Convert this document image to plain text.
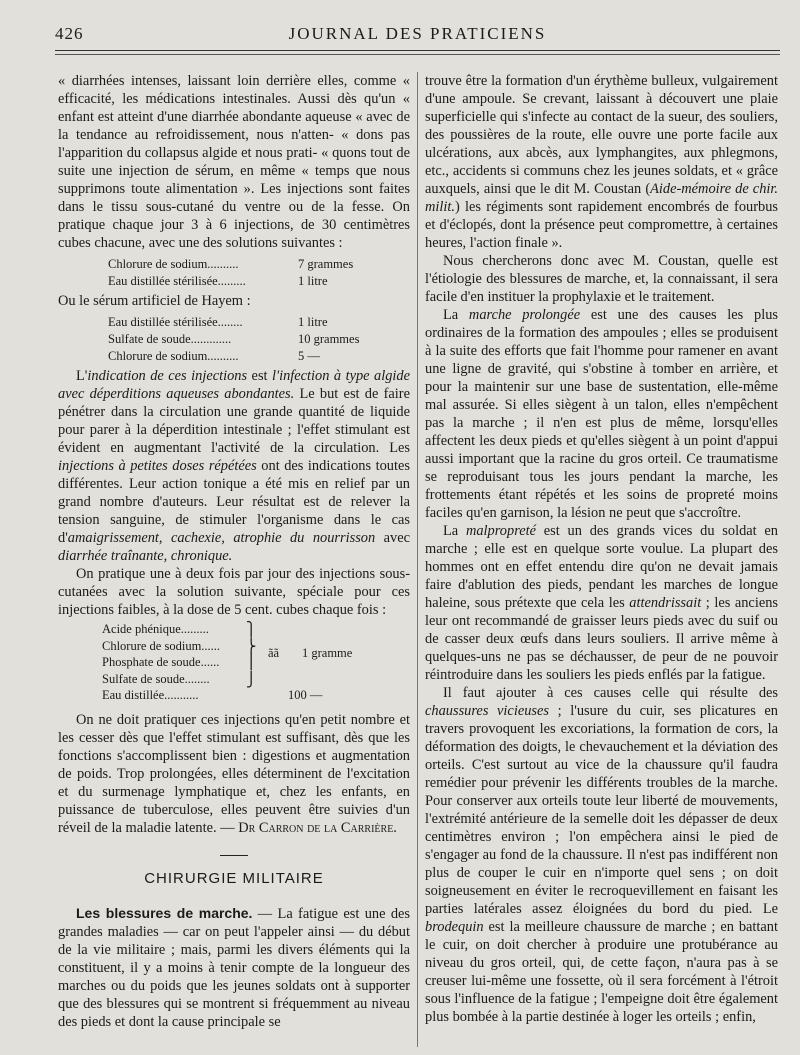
426	JOURNAL DES PRATICIENS

« diarrhées intenses, laissant loin derrière elles, comme « efficacité, les médications intestinales. Aussi dès qu'un « enfant est atteint d'une diarrhée abondante aqueuse « avec de la tendance au refroidissement, nous n'atten- « dons pas l'apparition du collapsus algide et nous prati- « quons tout de suite une injection de sérum, en même « temps que nous supprimons toute alimentation ». Les injections sont faites dans le tissu sous-cutané du ventre ou de la fesse. On pratique chaque jour 3 à 6 injections, de 30 centimètres cubes chacune, avec une des solutions suivantes :

Chlorure de sodium..........	7 grammes
Eau distillée stérilisée.........	1 litre

Ou le sérum artificiel de Hayem :

Eau distillée stérilisée........	1 litre
Sulfate de soude.............	10 grammes
Chlorure de sodium..........	5 —

L'indication de ces injections est l'infection à type algide avec déperditions aqueuses abondantes. Le but est de faire pénétrer dans la circulation une grande quantité de liquide pour parer à la déperdition intestinale ; l'effet stimulant est évident en augmentant l'activité de la circulation. Les injections à petites doses répétées ont des indications toutes différentes. Leur action tonique a été mis en relief par un grand nombre d'auteurs. Leur résultat est de relever la tension sanguine, de stimuler l'organisme dans le cas d'amaigrissement, cachexie, atrophie du nourrisson avec diarrhée traînante, chronique.

On pratique une à deux fois par jour des injections sous-cutanées avec la solution suivante, spéciale pour ces injections faibles, à la dose de 5 cent. cubes chaque fois :

Acide phénique.........
Chlorure de sodium......
Phosphate de soude......
Sulfate de soude........
⎫
⎬
⎪
⎭
ãã 1 gramme
Eau distillée...........	100 —

On ne doit pratiquer ces injections qu'en petit nombre et les cesser dès que l'effet stimulant est suffisant, dès que les fonctions s'accomplissent bien : digestions et augmentation de poids. Trop prolongées, elles déterminent de l'excitation et du surmenage lymphatique et, chez les enfants, en puissance de tuberculose, elles peuvent être suivies d'un réveil de la maladie latente. — Dr Carron de la Carrière.

CHIRURGIE MILITAIRE

Les blessures de marche. — La fatigue est une des grandes maladies — car on peut l'appeler ainsi — du début de la vie militaire ; mais, parmi les divers éléments qui la constituent, il y a moins à tenir compte de la longueur des marches ou du poids que les jeunes soldats ont à supporter que des blessures qui se montrent si fréquemment au niveau des pieds et dont la cause principale se

trouve être la formation d'un érythème bulleux, vulgairement d'une ampoule. Se crevant, laissant à découvert une plaie superficielle qui s'infecte au contact de la sueur, des souliers, des poussières de la route, elle ouvre une porte facile aux ulcérations, aux abcès, aux lymphangites, aux phlegmons, etc., accidents si communs chez les jeunes soldats, et « grâce auxquels, ainsi que le dit M. Coustan (Aide-mémoire de chir. milit.) les régiments sont rapidement encombrés de fourbus et d'éclopés, dont la présence peut compromettre, à certaines heures, l'action finale ».

Nous chercherons donc avec M. Coustan, quelle est l'étiologie des blessures de marche, et, la connaissant, il sera facile d'en instituer la prophylaxie et le traitement.

La marche prolongée est une des causes les plus ordinaires de la formation des ampoules ; elles se produisent à la suite des efforts que fait l'homme pour ramener en avant une ligne de gravité, qui s'obstine à tomber en arrière, et pour la maintenir sur une base de sustentation, elle-même mal assurée. Si elles siègent à un talon, elles n'empêchent pas la marche ; il n'en est plus de même, lorsqu'elles affectent les deux pieds et qu'elles siègent à un point d'appui aussi important que la racine du gros orteil. Ce traumatisme se reproduisant tous les jours pendant la marche, les frottements étant répétés et les soins de propreté moins faciles qu'en garnison, la lésion ne peut que s'accroître.

La malpropreté est un des grands vices du soldat en marche ; elle est en quelque sorte voulue. La plupart des hommes ont en effet entendu dire qu'on ne devait jamais faire d'ablution des pieds, pendant les marches de longue haleine, sous prétexte que cela les attendrissait ; les anciens leur ont recommandé de graisser leurs pieds avec du suif ou de casser deux œufs dans leurs souliers. Il arrive même à quelques-uns ne pas se déchausser, de peur de ne pouvoir réintroduire dans les souliers les pieds enflés par la fatigue.

Il faut ajouter à ces causes celle qui résulte des chaussures vicieuses ; l'usure du cuir, ses plicatures en travers provoquent les excoriations, la formation de cors, la déformation des doigts, le chevauchement et la déviation des orteils. C'est surtout au vice de la chaussure qu'il faudra remédier pour prévenir les différents troubles de la marche. Pour conserver aux orteils toute leur liberté de mouvements, l'extrémité antérieure de la semelle doit les dépasser de deux centimètres environ ; l'on empêchera ainsi le pied de s'engager au fond de la chaussure. Il n'est pas indifférent non plus de couper le cuir en n'importe quel sens ; on doit soigneusement en éviter le recroquevillement en faisant les parties latérales assez éloignées du bord du pied. Le brodequin est la meilleure chaussure de marche ; en battant le cuir, on doit chercher à produire une protubérance au niveau du gros orteil, qui, de cette façon, n'aura pas à se creuser lui-même une fossette, où il sera forcément à l'étroit sous l'influence de la fatigue ; l'empeigne doit être également plus bombée à la partie destinée à loger les orteils ; enfin,
